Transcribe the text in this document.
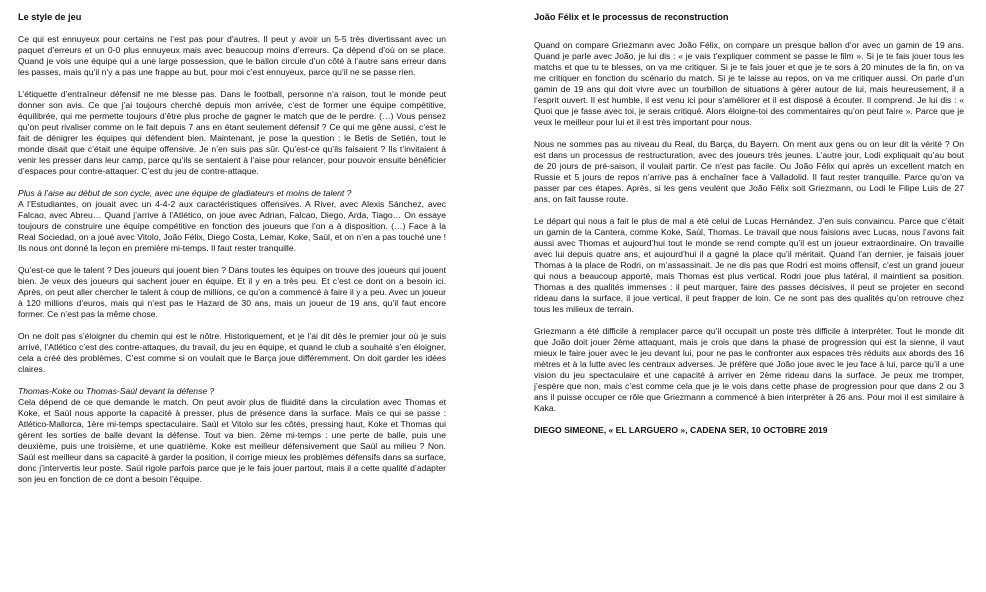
Le style de jeu

Ce qui est ennuyeux pour certains ne l’est pas pour d’autres. Il peut y avoir un 5-5 très divertissant avec un paquet d’erreurs et un 0-0 plus ennuyeux mais avec beaucoup moins d’erreurs. Ça dépend d’où on se place. Quand je vois une équipe qui a une large possession, que le ballon circule d’un côté à l’autre sans erreur dans les passes, mais qu’il n’y a pas une frappe au but, pour moi c’est ennuyeux, parce qu’il ne se passe rien.

L’étiquette d’entraîneur défensif ne me blesse pas. Dans le football, personne n’a raison, tout le monde peut donner son avis. Ce que j’ai toujours cherché depuis mon arrivée, c’est de former une équipe compétitive, équilibrée, qui me permette toujours d’être plus proche de gagner le match que de le perdre. (…) Vous pensez qu’on peut rivaliser comme on le fait depuis 7 ans en étant seulement défensif ? Ce qui me gêne aussi, c’est le fait de dénigrer les équipes qui défendent bien. Maintenant, je pose la question : le Betis de Setién, tout le monde disait que c’était une équipe offensive. Je n’en suis pas sûr. Qu’est-ce qu’ils faisaient ? Ils t’invitaient à venir les presser dans leur camp, parce qu’ils se sentaient à l’aise pour relancer, pour pouvoir ensuite bénéficier d’espaces pour contre-attaquer. C’est du jeu de contre-attaque.

Plus à l’aise au début de son cycle, avec une équipe de gladiateurs et moins de talent ?

A l’Estudiantes, on jouait avec un 4-4-2 aux caractéristiques offensives. A River, avec Alexis Sánchez, avec Falcao, avec Abreu… Quand j’arrive à l’Atlético, on joue avec Adrian, Falcao, Diego, Arda, Tiago… On essaye toujours de construire une équipe compétitive en fonction des joueurs que l’on a à disposition. (…) Face à la Real Sociedad, on a joué avec Vitolo, João Félix, Diego Costa, Lemar, Koke, Saúl, et on n’en a pas touché une ! Ils nous ont donné la leçon en première mi-temps. Il faut rester tranquille.

Qu’est-ce que le talent ? Des joueurs qui jouent bien ? Dans toutes les équipes on trouve des joueurs qui jouent bien. Je veux des joueurs qui sachent jouer en équipe. Et il y en a très peu. Et c’est ce dont on a besoin ici. Après, on peut aller chercher le talent à coup de millions, ce qu’on a commencé à faire il y a peu. Avec un joueur à 120 millions d’euros, mais qui n’est pas le Hazard de 30 ans, mais un joueur de 19 ans, qu’il faut encore former. Ce n’est pas la même chose.

On ne doit pas s’éloigner du chemin qui est le nôtre. Historiquement, et je l’ai dit dès le premier jour où je suis arrivé, l’Atlético c’est des contre-attaques, du travail, du jeu en équipe, et quand le club a souhaité s’en éloigner, cela a créé des problèmes. C’est comme si on voulait que le Barça joue différemment. On doit garder les idées claires.

Thomas-Koke ou Thomas-Saúl devant la défense ?

Cela dépend de ce que demande le match. On peut avoir plus de fluidité dans la circulation avec Thomas et Koke, et Saúl nous apporte la capacité à presser, plus de présence dans la surface. Mais ce qui se passe : Atlético-Mallorca, 1ère mi-temps spectaculaire. Saúl et Vitolo sur les côtés, pressing haut, Koke et Thomas qui gèrent les sorties de balle devant la défense. Tout va bien. 2ème mi-temps : une perte de balle, puis une deuxième, puis une troisième, et une quatrième. Koke est meilleur défensivement que Saúl au milieu ? Non. Saúl est meilleur dans sa capacité à garder la position, il corrige mieux les problèmes défensifs dans sa surface, donc j’intervertis leur poste. Saúl rigole parfois parce que je le fais jouer partout, mais il a cette qualité d’adapter son jeu en fonction de ce dont a besoin l’équipe.

João Félix et le processus de reconstruction

Quand on compare Griezmann avec João Félix, on compare un presque ballon d’or avec un gamin de 19 ans. Quand je parle avec João, je lui dis : « je vais t’expliquer comment se passe le film ». Si je te fais jouer tous les matchs et que tu te blesses, on va me critiquer. Si je te fais jouer et que je te sors à 20 minutes de la fin, on va me critiquer en fonction du scénario du match. Si je te laisse au repos, on va me critiquer aussi. On parle d’un gamin de 19 ans qui doit vivre avec un tourbillon de situations à gérer autour de lui, mais heureusement, il a l’esprit ouvert. Il est humble, il est venu ici pour s’améliorer et il est disposé à écouter. Il comprend. Je lui dis : « Quoi que je fasse avec toi, je serais critiqué. Alors éloigne-toi des commentaires qu’on peut faire ». Parce que je veux le meilleur pour lui et il est très important pour nous.

Nous ne sommes pas au niveau du Real, du Barça, du Bayern. On ment aux gens ou on leur dit la vérité ? On est dans un processus de restructuration, avec des joueurs très jeunes. L’autre jour, Lodi expliquait qu’au bout de 20 jours de pré-saison, il voulait partir. Ce n’est pas facile. Ou João Félix qui après un excellent match en Russie et 5 jours de repos n’arrive pas à enchaîner face à Valladolid. Il faut rester tranquille. Parce qu’on va passer par ces étapes. Après, si les gens veulent que João Félix soit Griezmann, ou Lodi le Filipe Luis de 27 ans, on fait fausse route.

Le départ qui nous a fait le plus de mal a été celui de Lucas Hernández. J’en suis convaincu. Parce que c’était un gamin de la Cantera, comme Koke, Saúl, Thomas. Le travail que nous faisions avec Lucas, nous l’avons fait aussi avec Thomas et aujourd’hui tout le monde se rend compte qu’il est un joueur extraordinaire. On travaille avec lui depuis quatre ans, et aujourd’hui il a gagné la place qu’il méritait. Quand l’an dernier, je faisais jouer Thomas à la place de Rodri, on m’assassinait. Je ne dis pas que Rodri est moins offensif, c’est un grand joueur qui nous a beaucoup apporté, mais Thomas est plus vertical. Rodri joue plus latéral, il maintient sa position. Thomas a des qualités immenses : il peut marquer, faire des passes décisives, il peut se projeter en second rideau dans la surface, il joue vertical, il peut frapper de loin. Ce ne sont pas des qualités qu’on retrouve chez tous les milieux de terrain.

Griezmann a été difficile à remplacer parce qu’il occupait un poste très difficile à interpréter. Tout le monde dit que João doit jouer 2ème attaquant, mais je crois que dans la phase de progression qui est la sienne, il vaut mieux le faire jouer avec le jeu devant lui, pour ne pas le confronter aux espaces très réduits aux abords des 16 mètres et à la lutte avec les centraux adverses. Je préfère que João joue avec le jeu face à lui, parce qu’il a une vision du jeu spectaculaire et une capacité à arriver en 2ème rideau dans la surface. Je peux me tromper, j’espère que non, mais c’est comme cela que je le vois dans cette phase de progression pour que dans 2 ou 3 ans il puisse occuper ce rôle que Griezmann a commencé à bien interpréter à 26 ans. Pour moi il est similaire à Kaka.

DIEGO SIMEONE, « EL LARGUERO », CADENA SER, 10 OCTOBRE 2019
